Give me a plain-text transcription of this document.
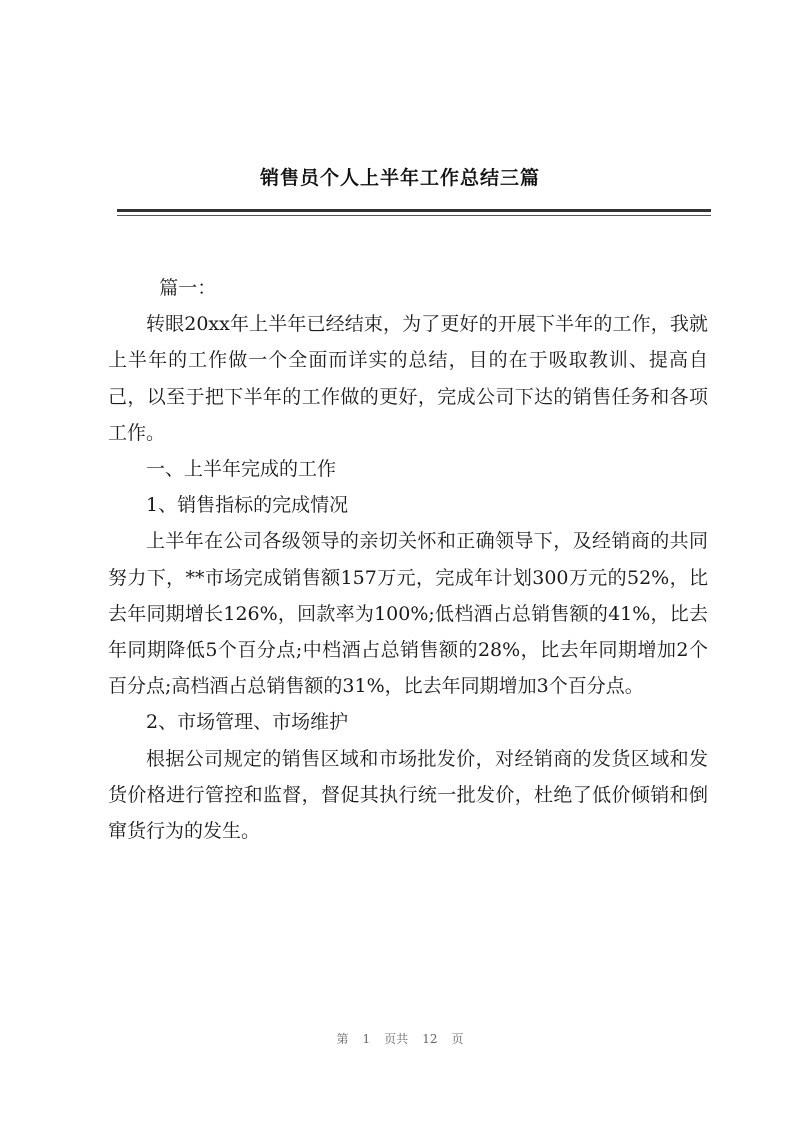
销售员个人上半年工作总结三篇

篇一：

转眼20xx年上半年已经结束，为了更好的开展下半年的工作，我就上半年的工作做一个全面而详实的总结，目的在于吸取教训、提高自己，以至于把下半年的工作做的更好，完成公司下达的销售任务和各项工作。

一、上半年完成的工作

1、销售指标的完成情况

上半年在公司各级领导的亲切关怀和正确领导下，及经销商的共同努力下，**市场完成销售额157万元，完成年计划300万元的52%，比去年同期增长126%，回款率为100%;低档酒占总销售额的41%，比去年同期降低5个百分点;中档酒占总销售额的28%，比去年同期增加2个百分点;高档酒占总销售额的31%，比去年同期增加3个百分点。

2、市场管理、市场维护

根据公司规定的销售区域和市场批发价，对经销商的发货区域和发货价格进行管控和监督，督促其执行统一批发价，杜绝了低价倾销和倒窜货行为的发生。

第 1 页共 12 页
